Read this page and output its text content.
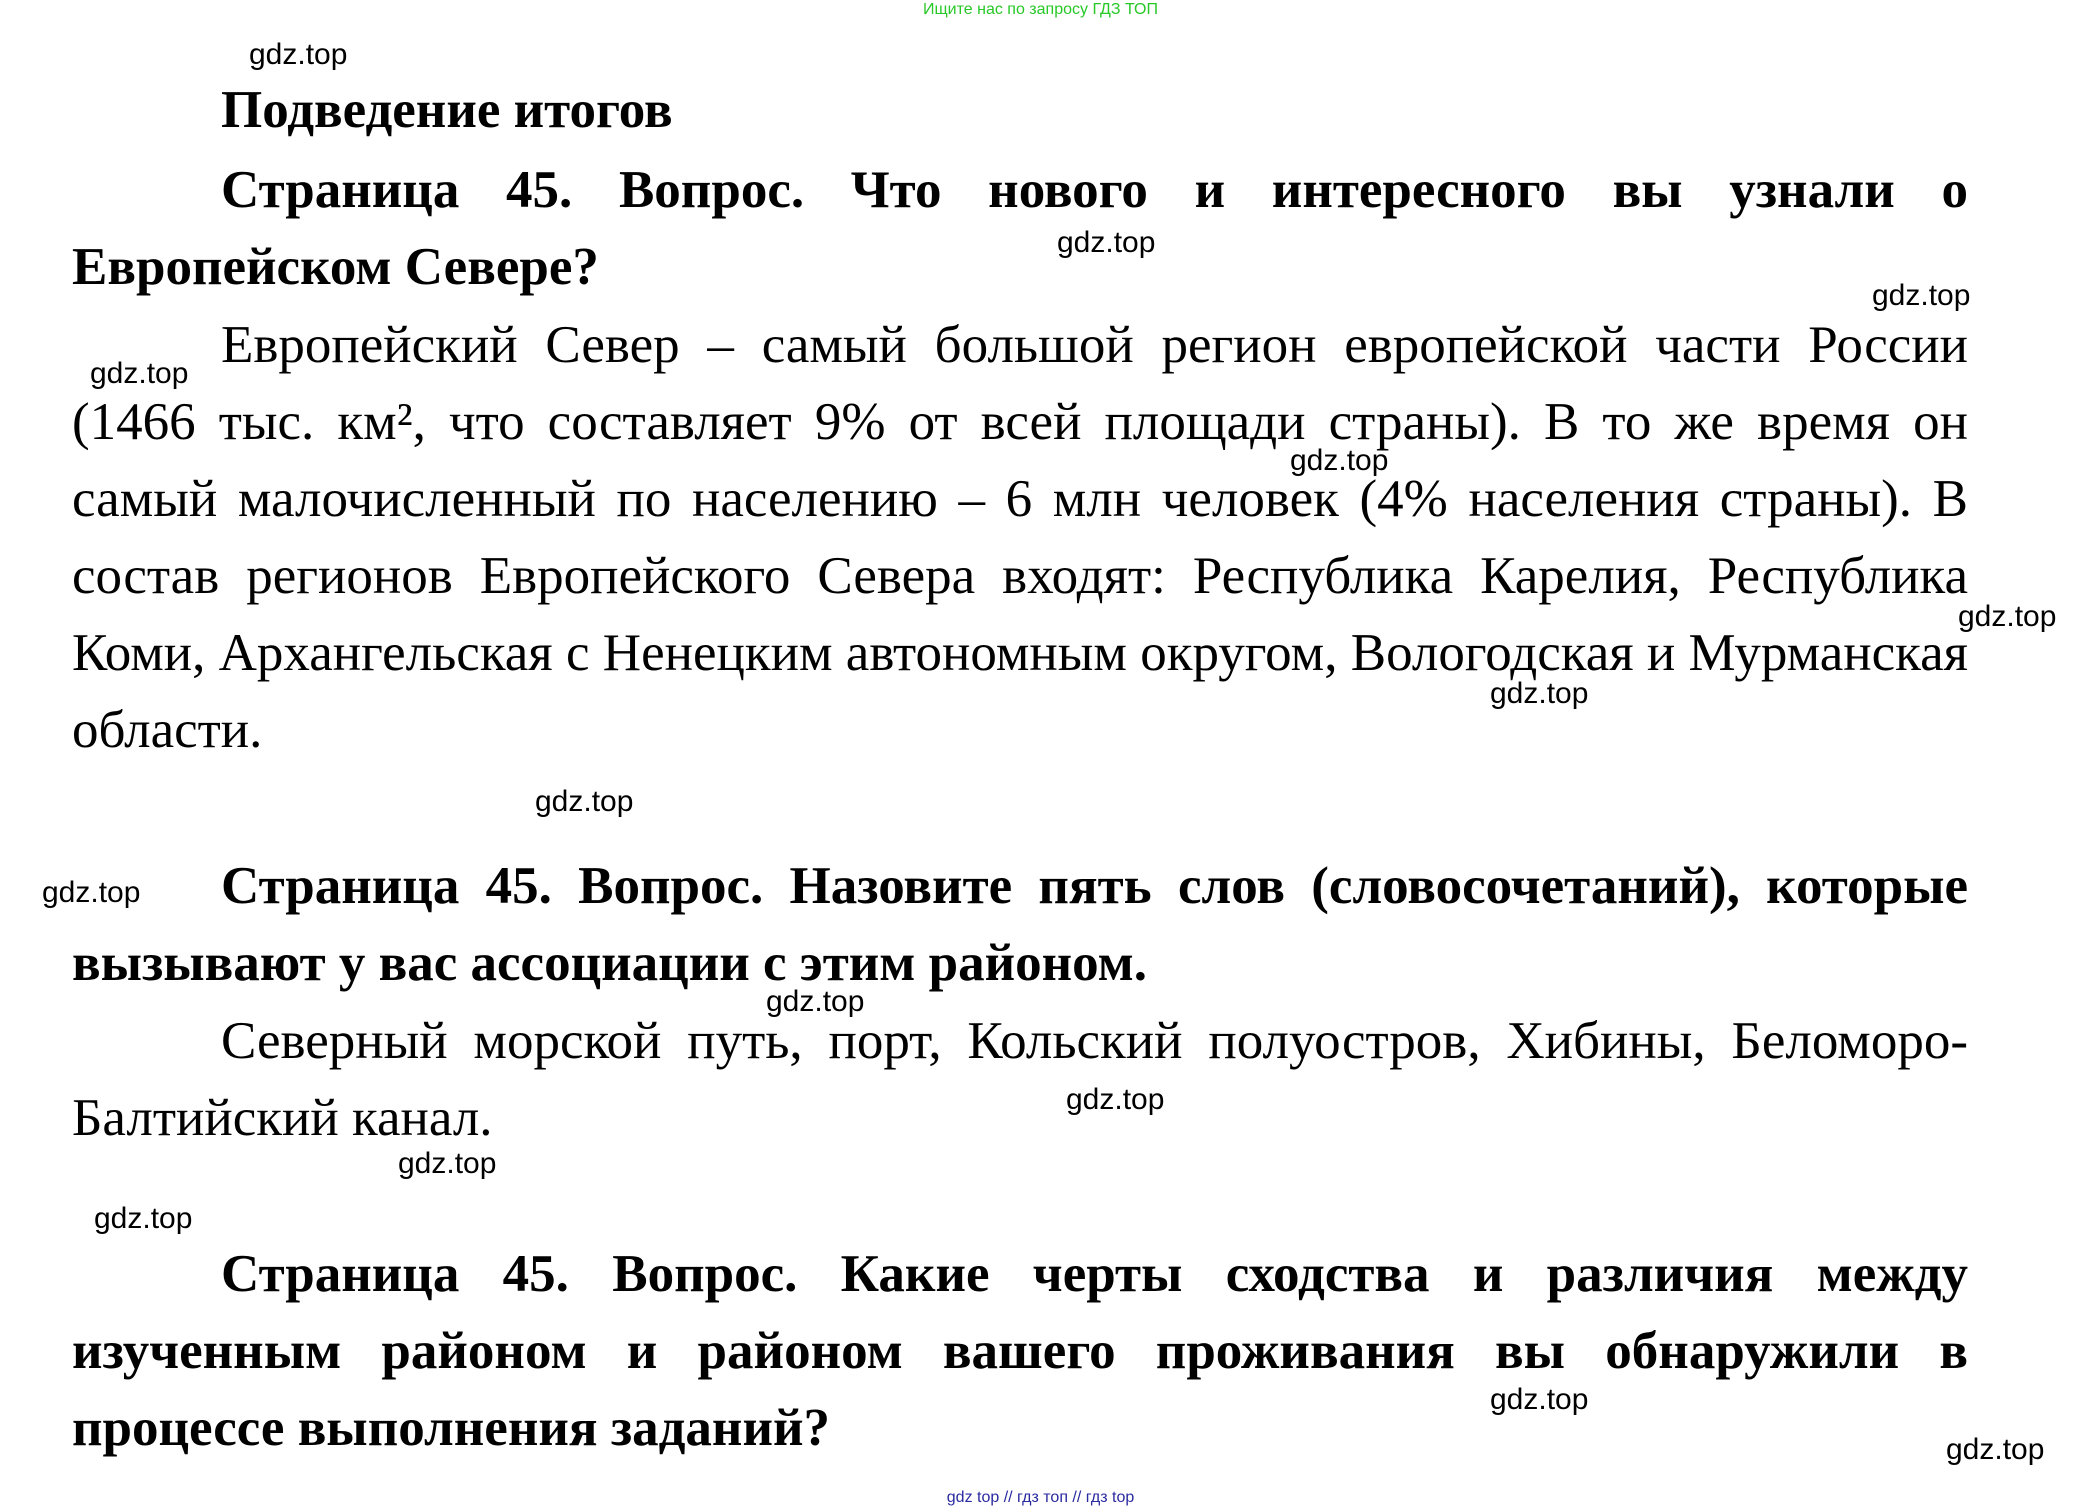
Ищите нас по запросу ГДЗ ТОП
Подведение итогов

Страница 45. Вопрос. Что нового и интересного вы узнали о Европейском Севере?

Европейский Север – самый большой регион европейской части России (1466 тыс. км², что составляет 9% от всей площади страны). В то же время он самый малочисленный по населению – 6 млн человек (4% населения страны). В состав регионов Европейского Севера входят: Республика Карелия, Республика Коми, Архангельская с Ненецким автономным округом, Вологодская и Мурманская области.

Страница 45. Вопрос. Назовите пять слов (словосочетаний), которые вызывают у вас ассоциации с этим районом.

Северный морской путь, порт, Кольский полуостров, Хибины, Беломоро-Балтийский канал.

Страница 45. Вопрос. Какие черты сходства и различия между изученным районом и районом вашего проживания вы обнаружили в процессе выполнения заданий?

gdz.top
gdz.top
gdz.top
gdz.top
gdz.top
gdz.top
gdz.top
gdz.top
gdz.top
gdz.top
gdz.top
gdz.top
gdz.top
gdz.top
gdz.top
gdz top // гдз топ // гдз top
